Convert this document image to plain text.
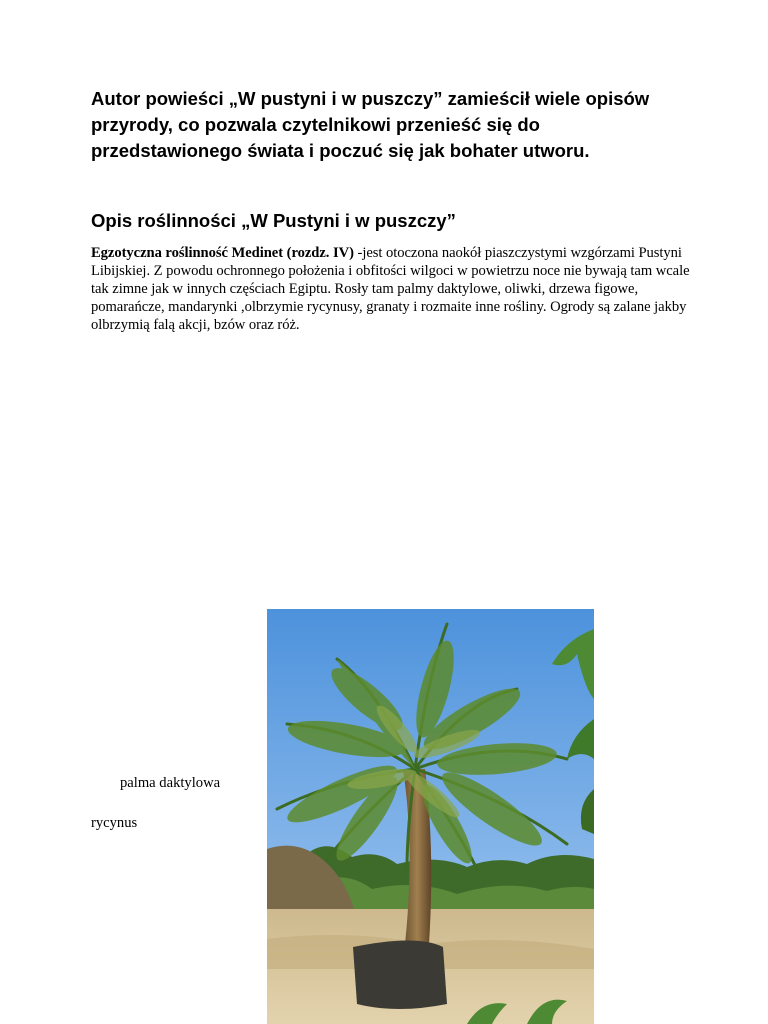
Autor powieści „W pustyni i w puszczy” zamieścił wiele opisów przyrody, co pozwala czytelnikowi przenieść się do przedstawionego świata i poczuć się jak bohater utworu.

Opis roślinności „W Pustyni i w puszczy”

Egzotyczna roślinność Medinet (rozdz. IV) -jest otoczona naokół piaszczystymi wzgórzami Pustyni Libijskiej. Z powodu ochronnego położenia i obfitości wilgoci w powietrzu noce nie bywają tam wcale tak zimne jak w innych częściach Egiptu. Rosły tam palmy daktylowe, oliwki, drzewa figowe, pomarańcze, mandarynki ,olbrzymie rycynusy, granaty i rozmaite inne rośliny. Ogrody są zalane jakby olbrzymią falą akcji, bzów oraz róż.

palma daktylowa
rycynus
